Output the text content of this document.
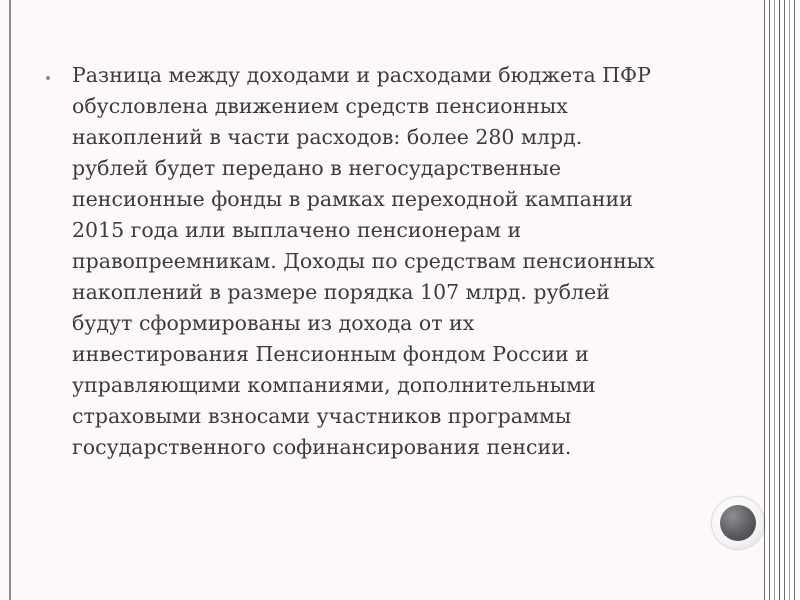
Разница между доходами и расходами бюджета ПФР
обусловлена движением средств пенсионных
накоплений в части расходов: более 280 млрд.
рублей будет передано в негосударственные
пенсионные фонды в рамках переходной кампании
2015 года или выплачено пенсионерам и
правопреемникам. Доходы по средствам пенсионных
накоплений в размере порядка 107 млрд. рублей
будут сформированы из дохода от их
инвестирования Пенсионным фондом России и
управляющими компаниями, дополнительными
страховыми взносами участников программы
государственного софинансирования пенсии.
